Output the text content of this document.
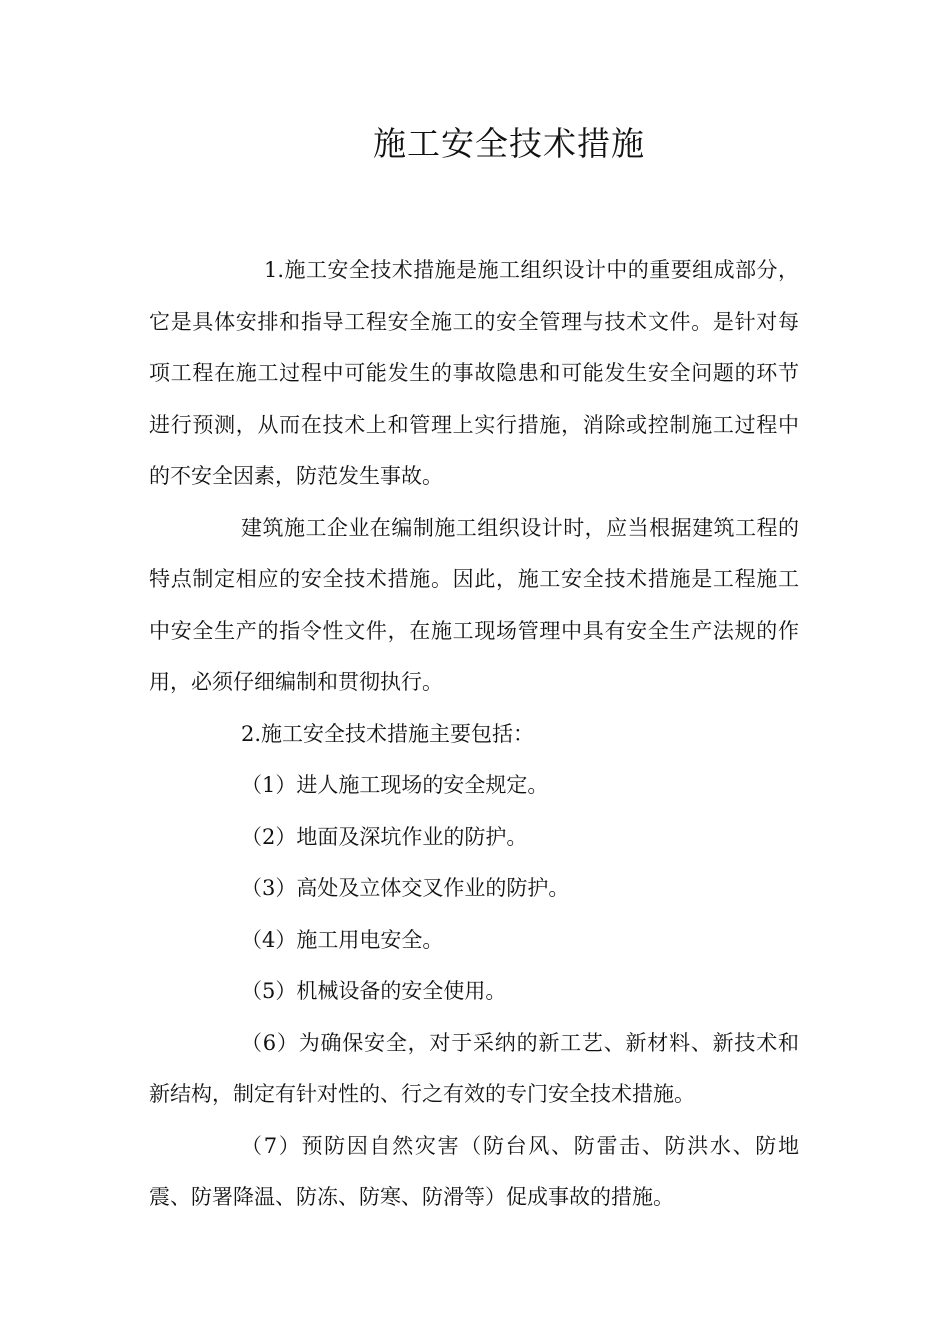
施工安全技术措施

1.施工安全技术措施是施工组织设计中的重要组成部分，它是具体安排和指导工程安全施工的安全管理与技术文件。是针对每项工程在施工过程中可能发生的事故隐患和可能发生安全问题的环节进行预测，从而在技术上和管理上实行措施，消除或控制施工过程中的不安全因素，防范发生事故。

建筑施工企业在编制施工组织设计时，应当根据建筑工程的特点制定相应的安全技术措施。因此，施工安全技术措施是工程施工中安全生产的指令性文件，在施工现场管理中具有安全生产法规的作用，必须仔细编制和贯彻执行。

2.施工安全技术措施主要包括：

（1）进人施工现场的安全规定。

（2）地面及深坑作业的防护。

（3）高处及立体交叉作业的防护。

（4）施工用电安全。

（5）机械设备的安全使用。

（6）为确保安全，对于采纳的新工艺、新材料、新技术和新结构，制定有针对性的、行之有效的专门安全技术措施。

（7）预防因自然灾害（防台风、防雷击、防洪水、防地震、防署降温、防冻、防寒、防滑等）促成事故的措施。
